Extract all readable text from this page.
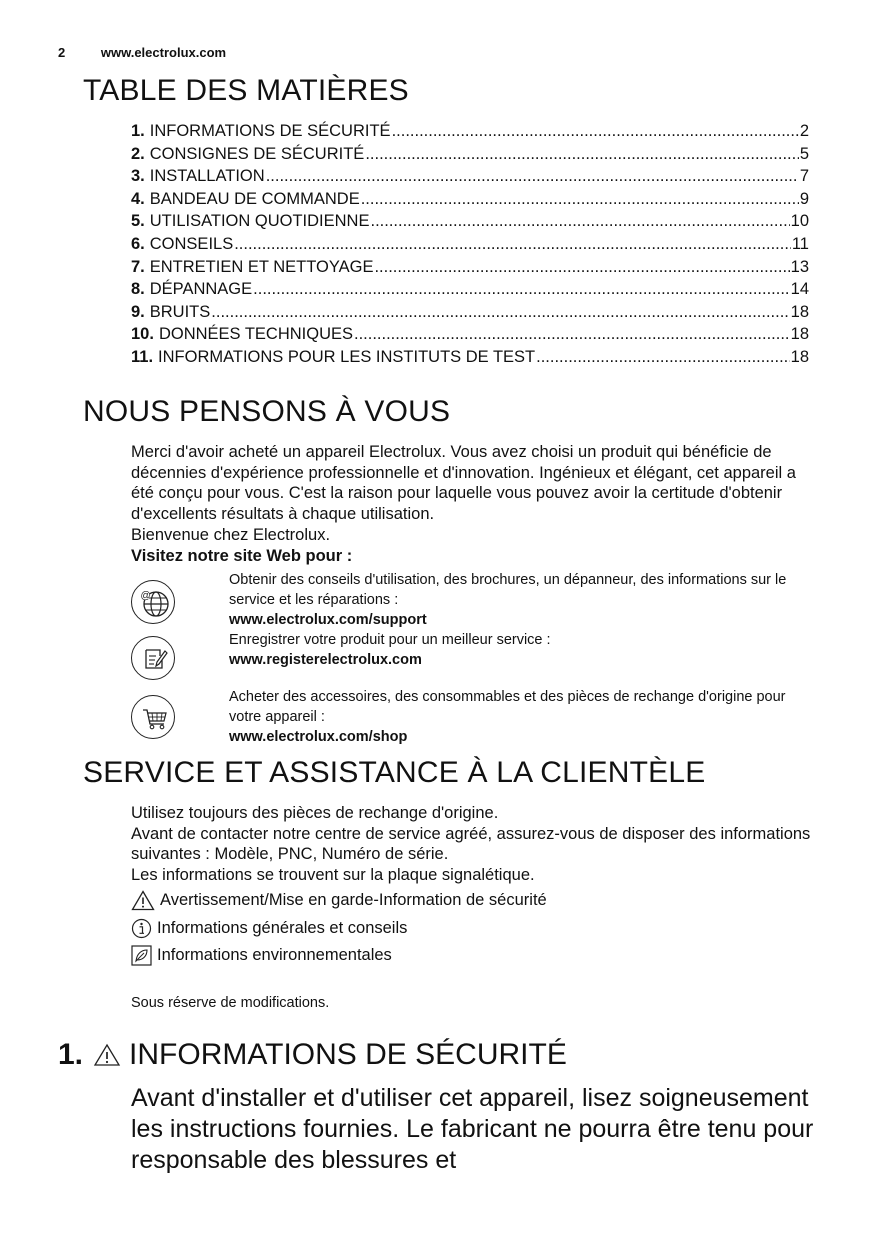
2	www.electrolux.com
TABLE DES MATIÈRES
1. INFORMATIONS DE SÉCURITÉ .....	2
2. CONSIGNES DE SÉCURITÉ .....	5
3. INSTALLATION .....	7
4. BANDEAU DE COMMANDE .....	9
5. UTILISATION QUOTIDIENNE .....	10
6. CONSEILS .....	11
7. ENTRETIEN ET NETTOYAGE .....	13
8. DÉPANNAGE .....	14
9. BRUITS .....	18
10. DONNÉES TECHNIQUES .....	18
11. INFORMATIONS POUR LES INSTITUTS DE TEST .....	18
NOUS PENSONS À VOUS
Merci d'avoir acheté un appareil Electrolux. Vous avez choisi un produit qui bénéficie de décennies d'expérience professionnelle et d'innovation. Ingénieux et élégant, cet appareil a été conçu pour vous. C'est la raison pour laquelle vous pouvez avoir la certitude d'obtenir d'excellents résultats à chaque utilisation.
Bienvenue chez Electrolux.
Visitez notre site Web pour :
@
Obtenir des conseils d'utilisation, des brochures, un dépanneur, des informations sur le service et les réparations :
www.electrolux.com/support
Enregistrer votre produit pour un meilleur service :
www.registerelectrolux.com
Acheter des accessoires, des consommables et des pièces de rechange d'origine pour votre appareil :
www.electrolux.com/shop
SERVICE ET ASSISTANCE À LA CLIENTÈLE
Utilisez toujours des pièces de rechange d'origine.
Avant de contacter notre centre de service agréé, assurez-vous de disposer des informations suivantes : Modèle, PNC, Numéro de série.
Les informations se trouvent sur la plaque signalétique.
Avertissement/Mise en garde-Information de sécurité
Informations générales et conseils
Informations environnementales
Sous réserve de modifications.
1. INFORMATIONS DE SÉCURITÉ
Avant d'installer et d'utiliser cet appareil, lisez soigneusement les instructions fournies. Le fabricant ne pourra être tenu pour responsable des blessures et
